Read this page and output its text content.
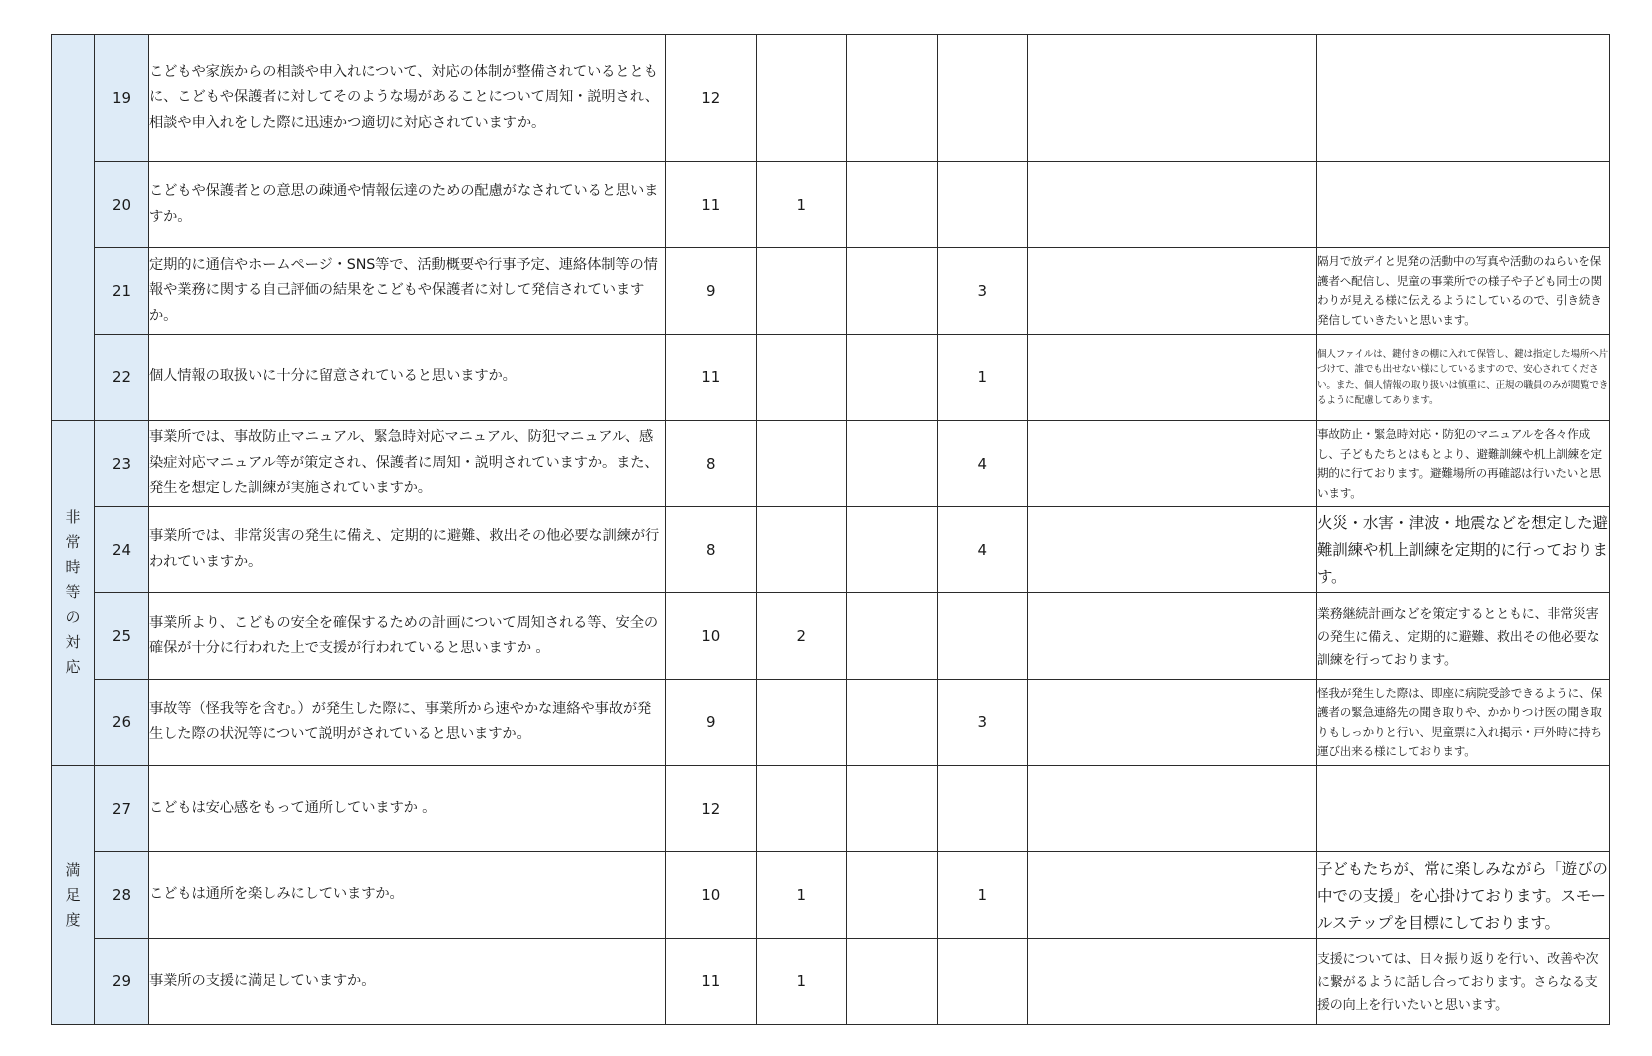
	19	こどもや家族からの相談や申入れについて、対応の体制が整備されているとともに、こどもや保護者に対してそのような場があることについて周知・説明され、相談や申入れをした際に迅速かつ適切に対応されていますか。	12					
	20	こどもや保護者との意思の疎通や情報伝達のための配慮がなされていると思いますか。	11	1				
	21	定期的に通信やホームページ・SNS等で、活動概要や行事予定、連絡体制等の情報や業務に関する自己評価の結果をこどもや保護者に対して発信されていますか。	9			3		隔月で放デイと児発の活動中の写真や活動のねらいを保護者へ配信し、児童の事業所での様子や子ども同士の関わりが見える様に伝えるようにしているので、引き続き発信していきたいと思います。
	22	個人情報の取扱いに十分に留意されていると思いますか。	11			1		個人ファイルは、鍵付きの棚に入れて保管し、鍵は指定した場所へ片づけて、誰でも出せない様にしているますので、安心されてください。また、個人情報の取り扱いは慎重に、正規の職員のみが閲覧できるように配慮してあります。
非常時等の対応	23	事業所では、事故防止マニュアル、緊急時対応マニュアル、防犯マニュアル、感染症対応マニュアル等が策定され、保護者に周知・説明されていますか。また、発生を想定した訓練が実施されていますか。	8			4		事故防止・緊急時対応・防犯のマニュアルを各々作成し、子どもたちとはもとより、避難訓練や机上訓練を定期的に行ております。避難場所の再確認は行いたいと思います。
	24	事業所では、非常災害の発生に備え、定期的に避難、救出その他必要な訓練が行われていますか。	8			4		火災・水害・津波・地震などを想定した避難訓練や机上訓練を定期的に行っております。
	25	事業所より、こどもの安全を確保するための計画について周知される等、安全の確保が十分に行われた上で支援が行われていると思いますか 。	10	2				業務継続計画などを策定するとともに、非常災害の発生に備え、定期的に避難、救出その他必要な訓練を行っております。
	26	事故等（怪我等を含む。）が発生した際に、事業所から速やかな連絡や事故が発生した際の状況等について説明がされていると思いますか。	9			3		怪我が発生した際は、即座に病院受診できるように、保護者の緊急連絡先の聞き取りや、かかりつけ医の聞き取りもしっかりと行い、児童票に入れ掲示・戸外時に持ち運び出来る様にしております。
満足度	27	こどもは安心感をもって通所していますか 。	12					
	28	こどもは通所を楽しみにしていますか。	10	1		1		子どもたちが、常に楽しみながら「遊びの中での支援」を心掛けております。スモールステップを目標にしております。
	29	事業所の支援に満足していますか。	11	1				支援については、日々振り返りを行い、改善や次に繋がるように話し合っております。さらなる支援の向上を行いたいと思います。
